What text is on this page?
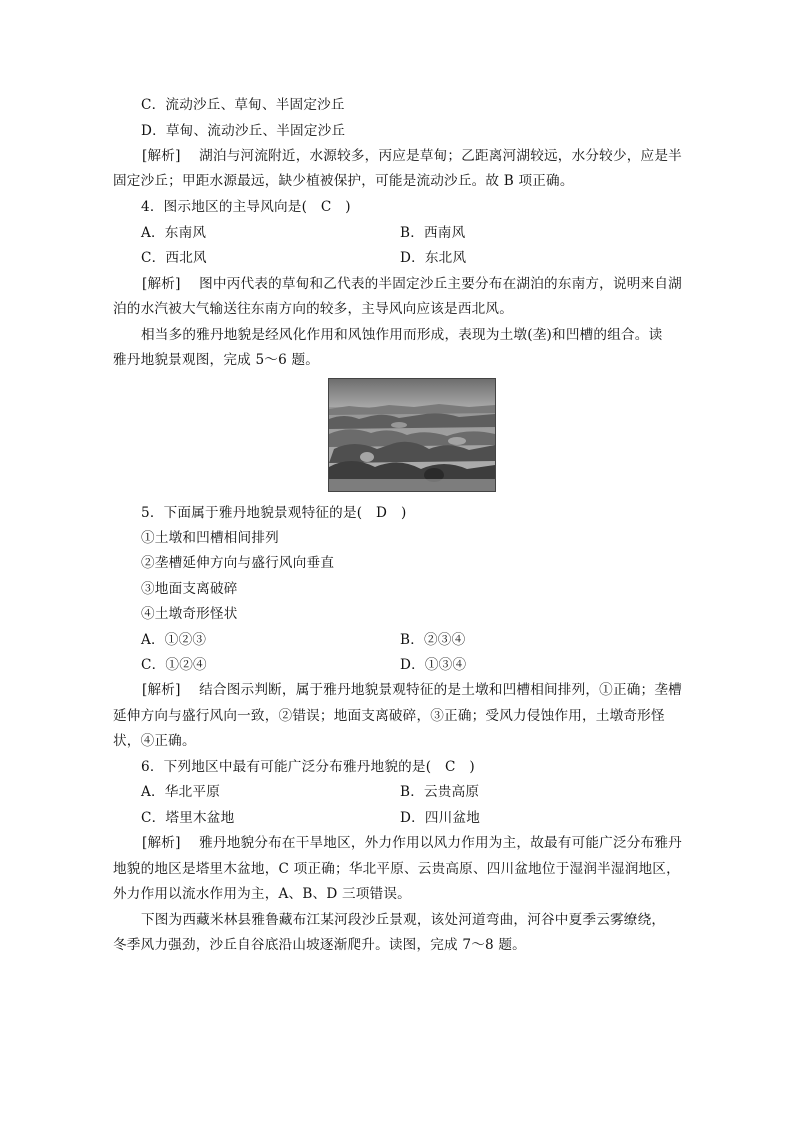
C．流动沙丘、草甸、半固定沙丘
D．草甸、流动沙丘、半固定沙丘
[解析] 湖泊与河流附近，水源较多，丙应是草甸；乙距离河湖较远，水分较少，应是半
固定沙丘；甲距水源最远，缺少植被保护，可能是流动沙丘。故 B 项正确。
4．图示地区的主导风向是(　C　)
A．东南风	B．西南风
C．西北风	D．东北风
[解析] 图中丙代表的草甸和乙代表的半固定沙丘主要分布在湖泊的东南方，说明来自湖
泊的水汽被大气输送往东南方向的较多，主导风向应该是西北风。
相当多的雅丹地貌是经风化作用和风蚀作用而形成，表现为土墩(垄)和凹槽的组合。读
雅丹地貌景观图，完成 5～6 题。
5．下面属于雅丹地貌景观特征的是(　D　)
①土墩和凹槽相间排列
②垄槽延伸方向与盛行风向垂直
③地面支离破碎
④土墩奇形怪状
A．①②③	B．②③④
C．①②④	D．①③④
[解析] 结合图示判断，属于雅丹地貌景观特征的是土墩和凹槽相间排列，①正确；垄槽
延伸方向与盛行风向一致，②错误；地面支离破碎，③正确；受风力侵蚀作用，土墩奇形怪
状，④正确。
6．下列地区中最有可能广泛分布雅丹地貌的是(　C　)
A．华北平原	B．云贵高原
C．塔里木盆地	D．四川盆地
[解析] 雅丹地貌分布在干旱地区，外力作用以风力作用为主，故最有可能广泛分布雅丹
地貌的地区是塔里木盆地，C 项正确；华北平原、云贵高原、四川盆地位于湿润半湿润地区，
外力作用以流水作用为主，A、B、D 三项错误。
下图为西藏米林县雅鲁藏布江某河段沙丘景观，该处河道弯曲，河谷中夏季云雾缭绕，
冬季风力强劲，沙丘自谷底沿山坡逐渐爬升。读图，完成 7～8 题。
